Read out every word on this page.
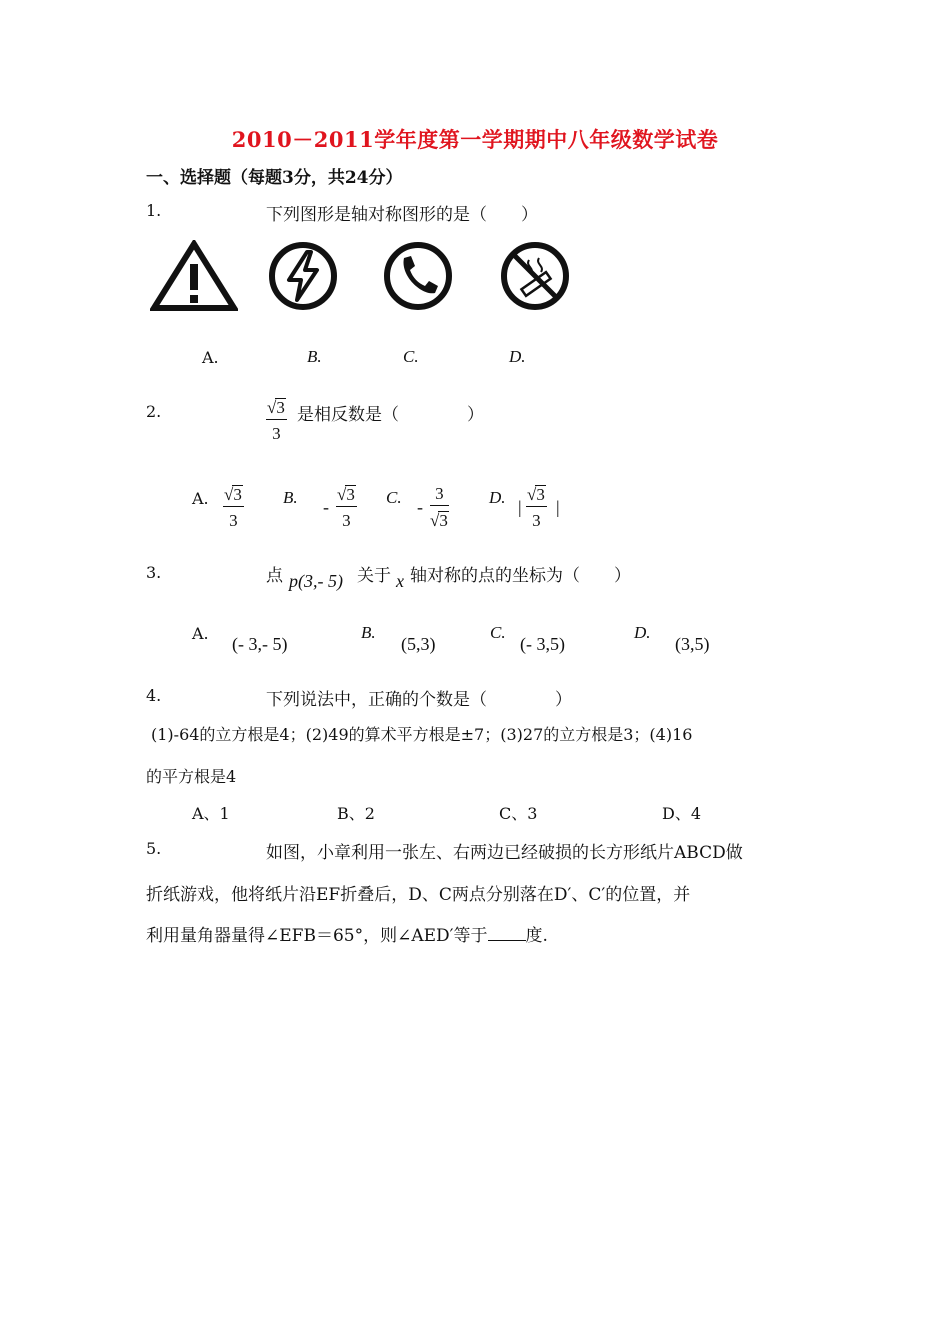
2010－2011学年度第一学期期中八年级数学试卷
一、选择题（每题3分，共24分）
1.	下列图形是轴对称图形的是（　　）
A.	B.	C.	D.
2.	√ 3
3
是相反数是（　　　　）
A. √ 3
3
B. -
√ 3
3
C. -
3
√ 3
D. |
√ 3
3
|
3.	点 p(3,- 5) 关于 x 轴对称的点的坐标为（　　）
A.
(- 3,- 5)
B.
(5,3)
C.
(- 3,5)
D.
(3,5)
4.	下列说法中，正确的个数是（　　　　）
(1)-64的立方根是4；(2)49的算术平方根是±7；(3)27的立方根是3；(4)16
的平方根是4
A、1	B、2	C、3	D、4
5.	如图，小章利用一张左、右两边已经破损的长方形纸片ABCD做
折纸游戏，他将纸片沿EF折叠后，D、C两点分别落在D′、C′的位置，并
利用量角器量得∠EFB＝65°，则∠AED′等于 度.
